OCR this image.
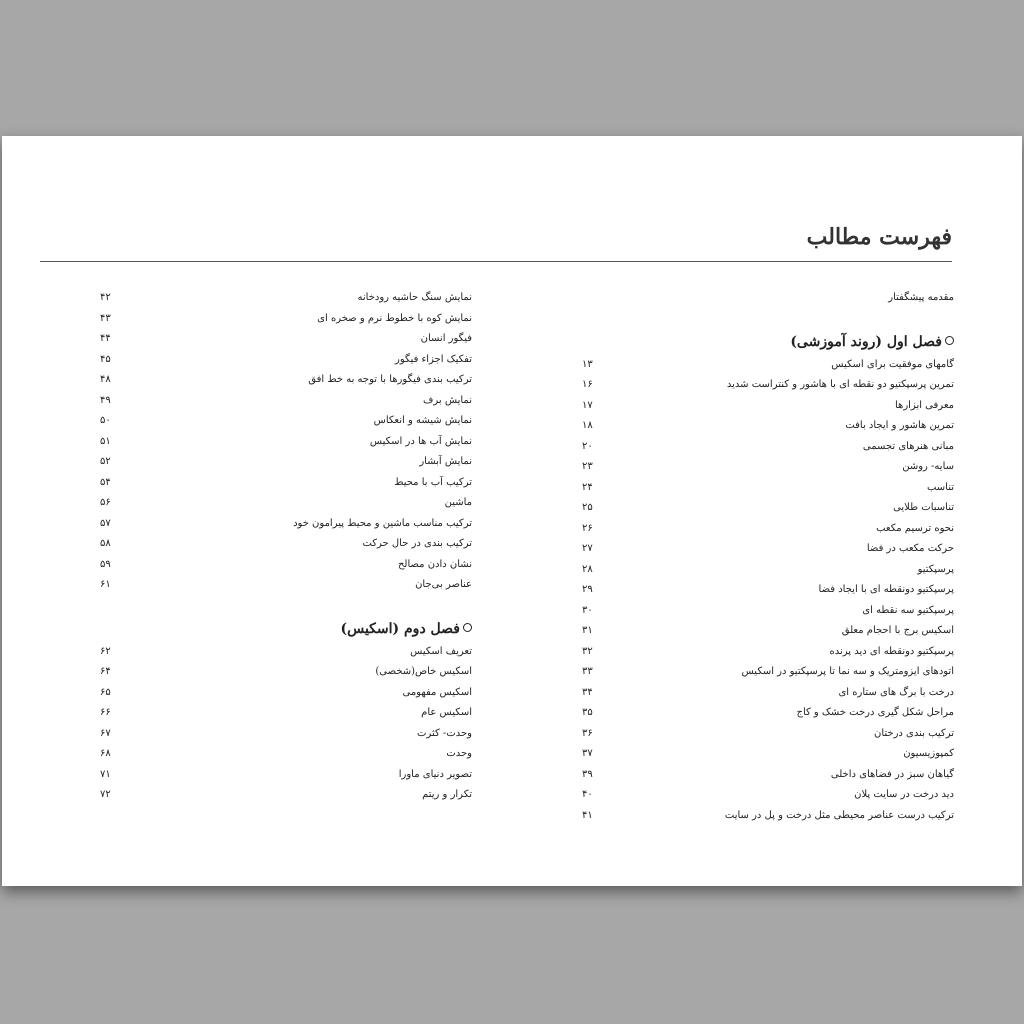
فهرست مطالب
مقدمه پیشگفتار
فصل اول (روند آموزشی)
گامهای موفقیت برای اسکیس
۱۳
تمرین پرسپکتیو دو نقطه ای با هاشور و کنتراست شدید
۱۶
معرفی ابزارها
۱۷
تمرین هاشور و ایجاد بافت
۱۸
مبانی هنرهای تجسمی
۲۰
سایه- روشن
۲۳
تناسب
۲۴
تناسبات طلایی
۲۵
نحوه ترسیم مکعب
۲۶
حرکت مکعب در فضا
۲۷
پرسپکتیو
۲۸
پرسپکتیو دونقطه ای با ایجاد فضا
۲۹
پرسپکتیو سه نقطه ای
۳۰
اسکیس برج با احجام معلق
۳۱
پرسپکتیو دونقطه ای دید پرنده
۳۲
اتودهای ایزومتریک و سه نما تا پرسپکتیو در اسکیس
۳۳
درخت با برگ های ستاره ای
۳۴
مراحل شکل گیری درخت خشک و کاج
۳۵
ترکیب بندی درختان
۳۶
کمپوزیسیون
۳۷
گیاهان سبز در فضاهای داخلی
۳۹
دید درخت در سایت پلان
۴۰
ترکیب درست عناصر محیطی مثل درخت و پل در سایت
۴۱
نمایش سنگ حاشیه رودخانه
۴۲
نمایش کوه با خطوط نرم و صخره ای
۴۳
فیگور انسان
۴۴
تفکیک اجزاء فیگور
۴۵
ترکیب بندی فیگورها با توجه به خط افق
۴۸
نمایش برف
۴۹
نمایش شیشه و انعکاس
۵۰
نمایش آب ها در اسکیس
۵۱
نمایش آبشار
۵۲
ترکیب آب با محیط
۵۴
ماشین
۵۶
ترکیب مناسب ماشین و محیط پیرامون خود
۵۷
ترکیب بندی در حال حرکت
۵۸
نشان دادن مصالح
۵۹
عناصر بی‌جان
۶۱
فصل دوم (اسکیس)
تعریف اسکیس
۶۲
اسکیس خاص(شخصی)
۶۴
اسکیس مفهومی
۶۵
اسکیس عام
۶۶
وحدت- کثرت
۶۷
وحدت
۶۸
تصویر دنیای ماورا
۷۱
تکرار و ریتم
۷۲
